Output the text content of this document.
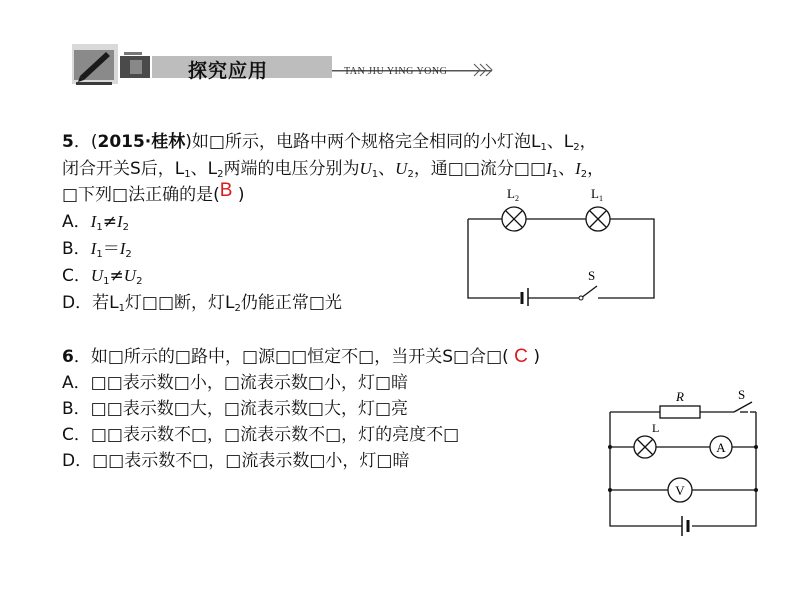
探究应用	TAN JIU YING YONG
5．(2015·桂林)如□所示，电路中两个规格完全相同的小灯泡$L_1$、$L_2$，
闭合开关S后，$L_1$、$L_2$两端的电压分别为$U_1$、$U_2$，通□□流分$□□I_1$、$I_2$，
□下列□法正确的是(B )
A．$I_1\ne I_2$
B．$I_1=I_2$
C．$U_1\ne U_2$
D．若$L_1$灯□□断，灯$L_2$仍能正常□光
$L_2$	$L_1$
S
6．如□所示的□路中，□源□□恒定不□，当开关S□合□( C )
A．□□表示数□小，□流表示数□小，灯□暗
B．□□表示数□大，□流表示数□大，灯□亮
C．□□表示数不□，□流表示数不□，灯的亮度不□
D．□□表示数不□，□流表示数□小，灯□暗
A
V
R	S
L
